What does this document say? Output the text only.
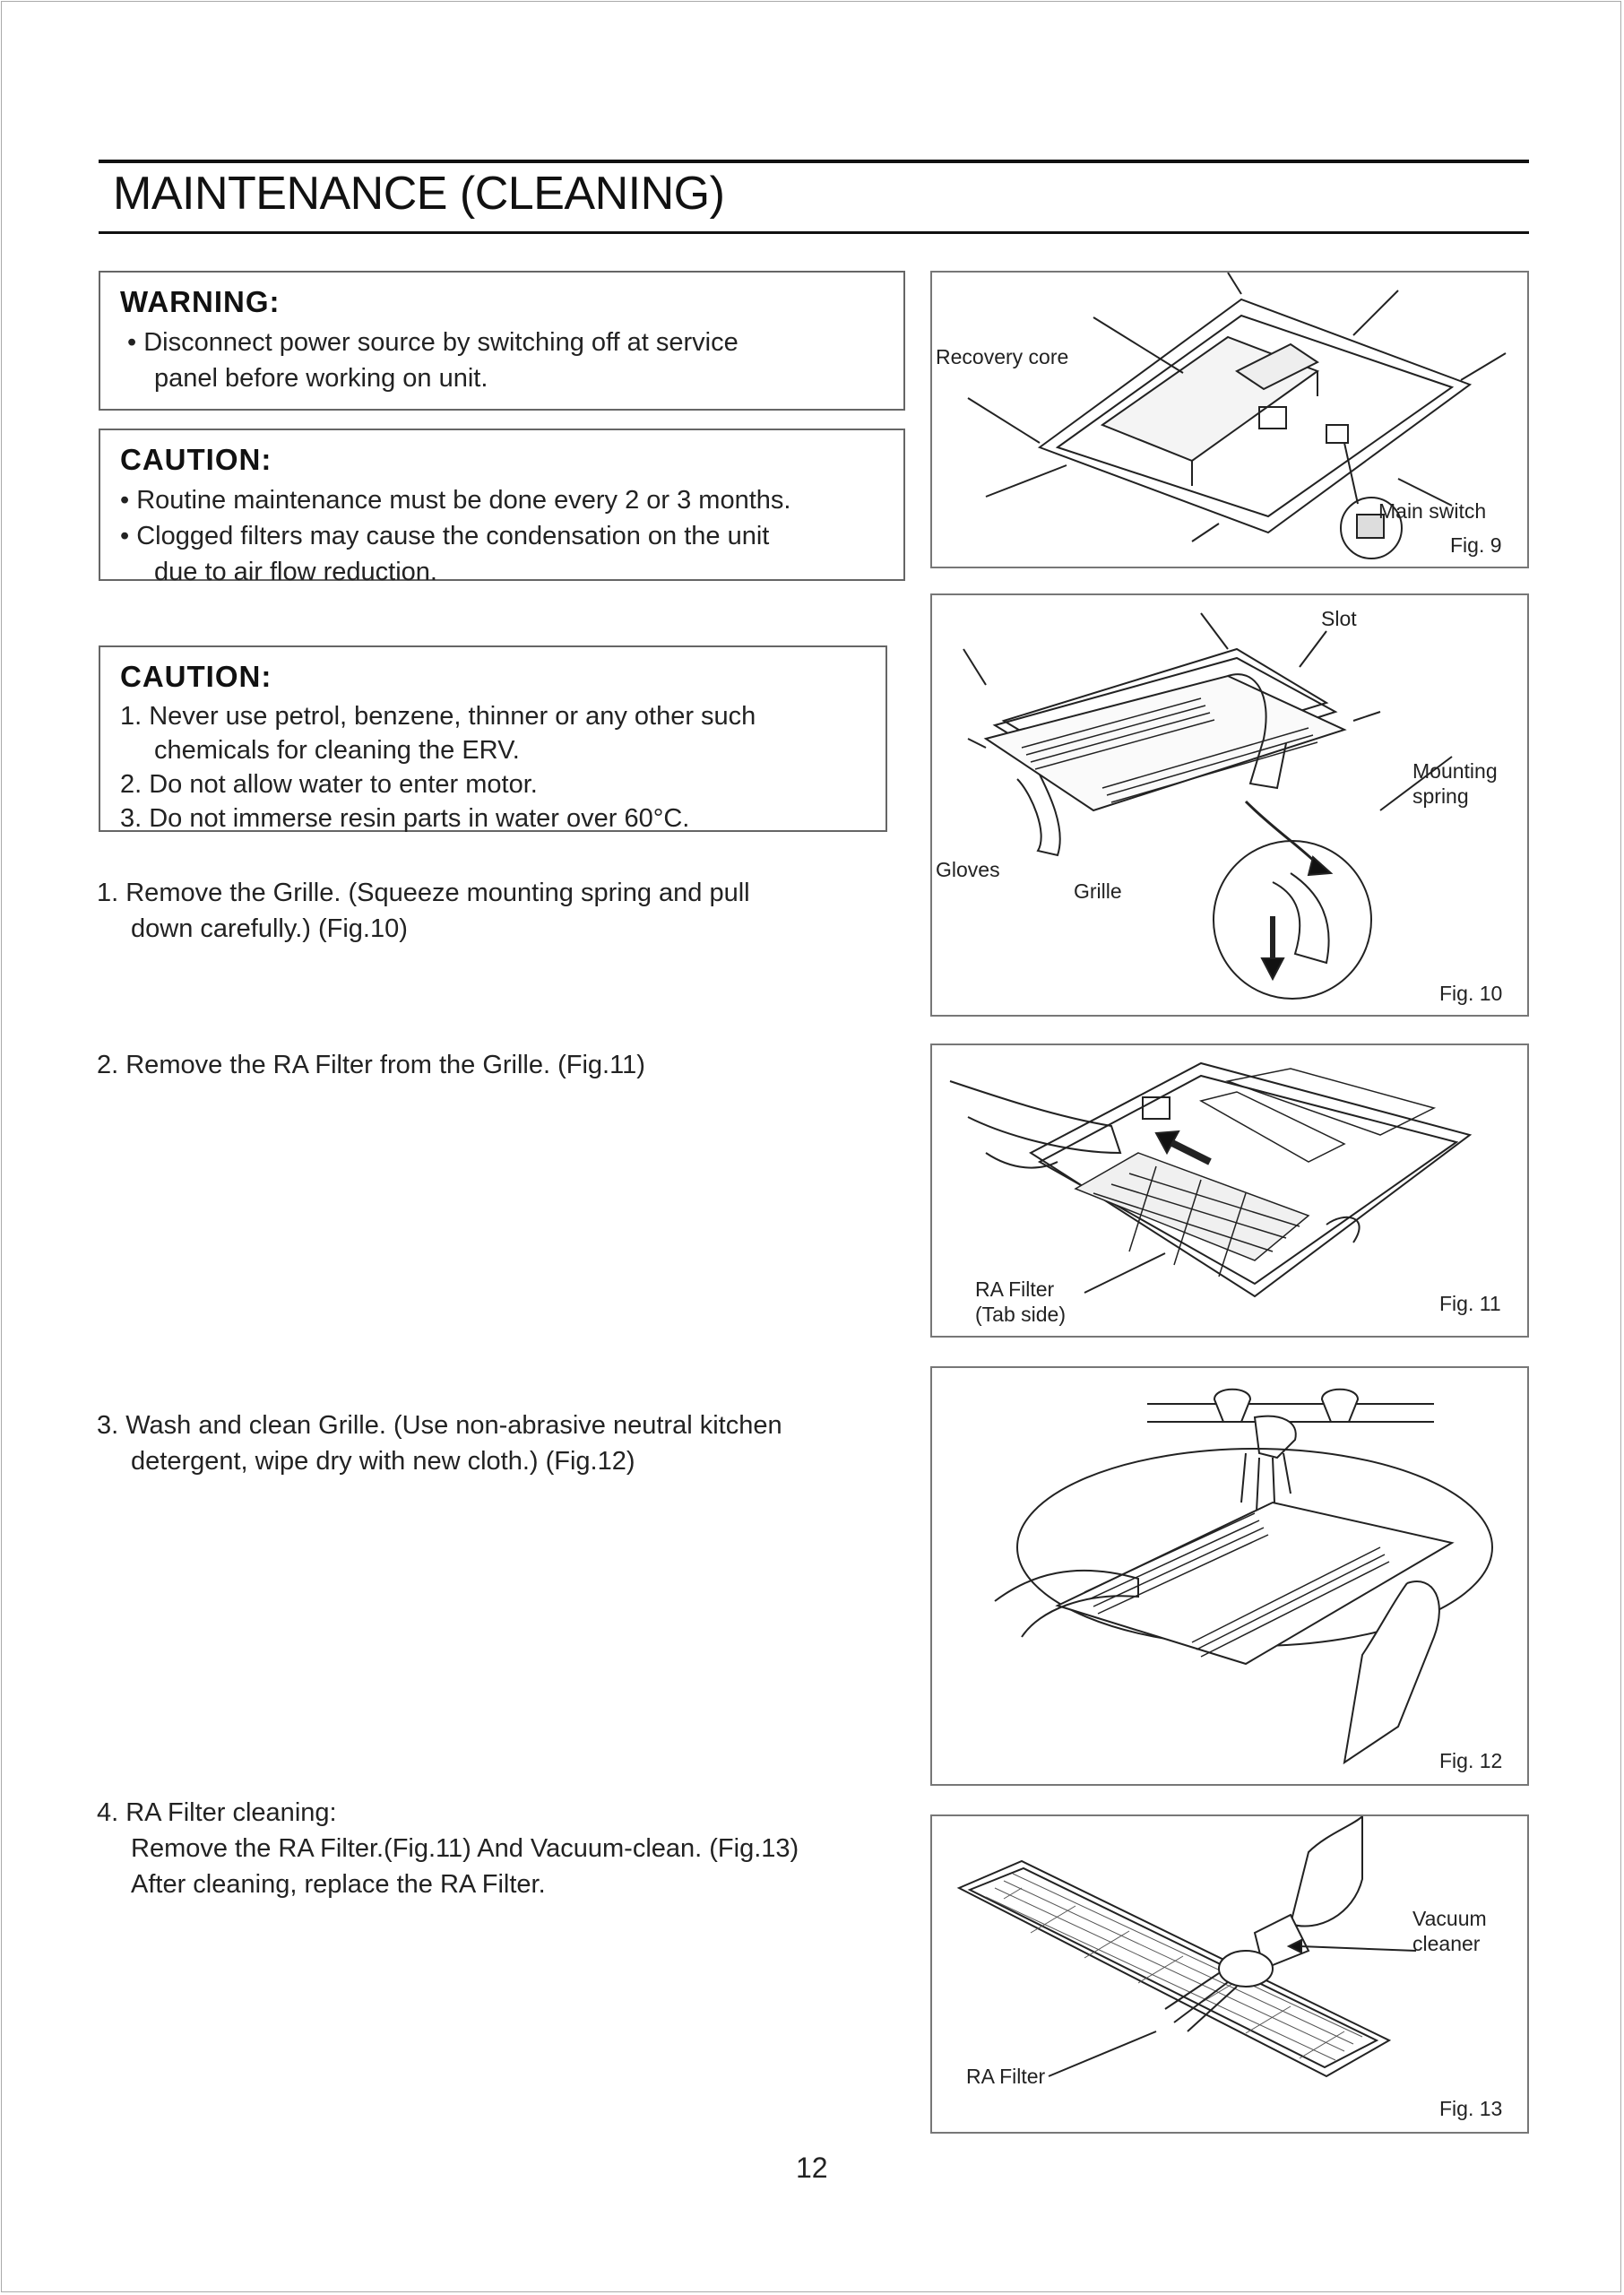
MAINTENANCE (CLEANING)

WARNING:

• Disconnect power source by switching off at service

panel before working on unit.

CAUTION:

• Routine maintenance must be done every 2 or 3 months.

• Clogged filters may cause the condensation on the unit

due to air flow reduction.

CAUTION:

1. Never use petrol, benzene, thinner or any other such

chemicals for cleaning the ERV.

2. Do not allow water to enter motor.

3. Do not immerse resin parts in water over 60°C.

1. Remove the Grille. (Squeeze mounting spring and pull

down carefully.) (Fig.10)

2. Remove the RA Filter from the Grille. (Fig.11)

3. Wash and clean Grille. (Use non-abrasive neutral kitchen

detergent, wipe dry with new cloth.) (Fig.12)

4. RA Filter cleaning:

Remove the RA Filter.(Fig.11) And Vacuum-clean. (Fig.13)

After cleaning, replace the RA Filter.

Recovery core
Main switch
Fig. 9
Slot
Mounting
spring
Gloves
Grille
Fig. 10
RA Filter
(Tab side)	Fig. 11
Fig. 12
Vacuum
cleaner
RA Filter
Fig. 13
12
